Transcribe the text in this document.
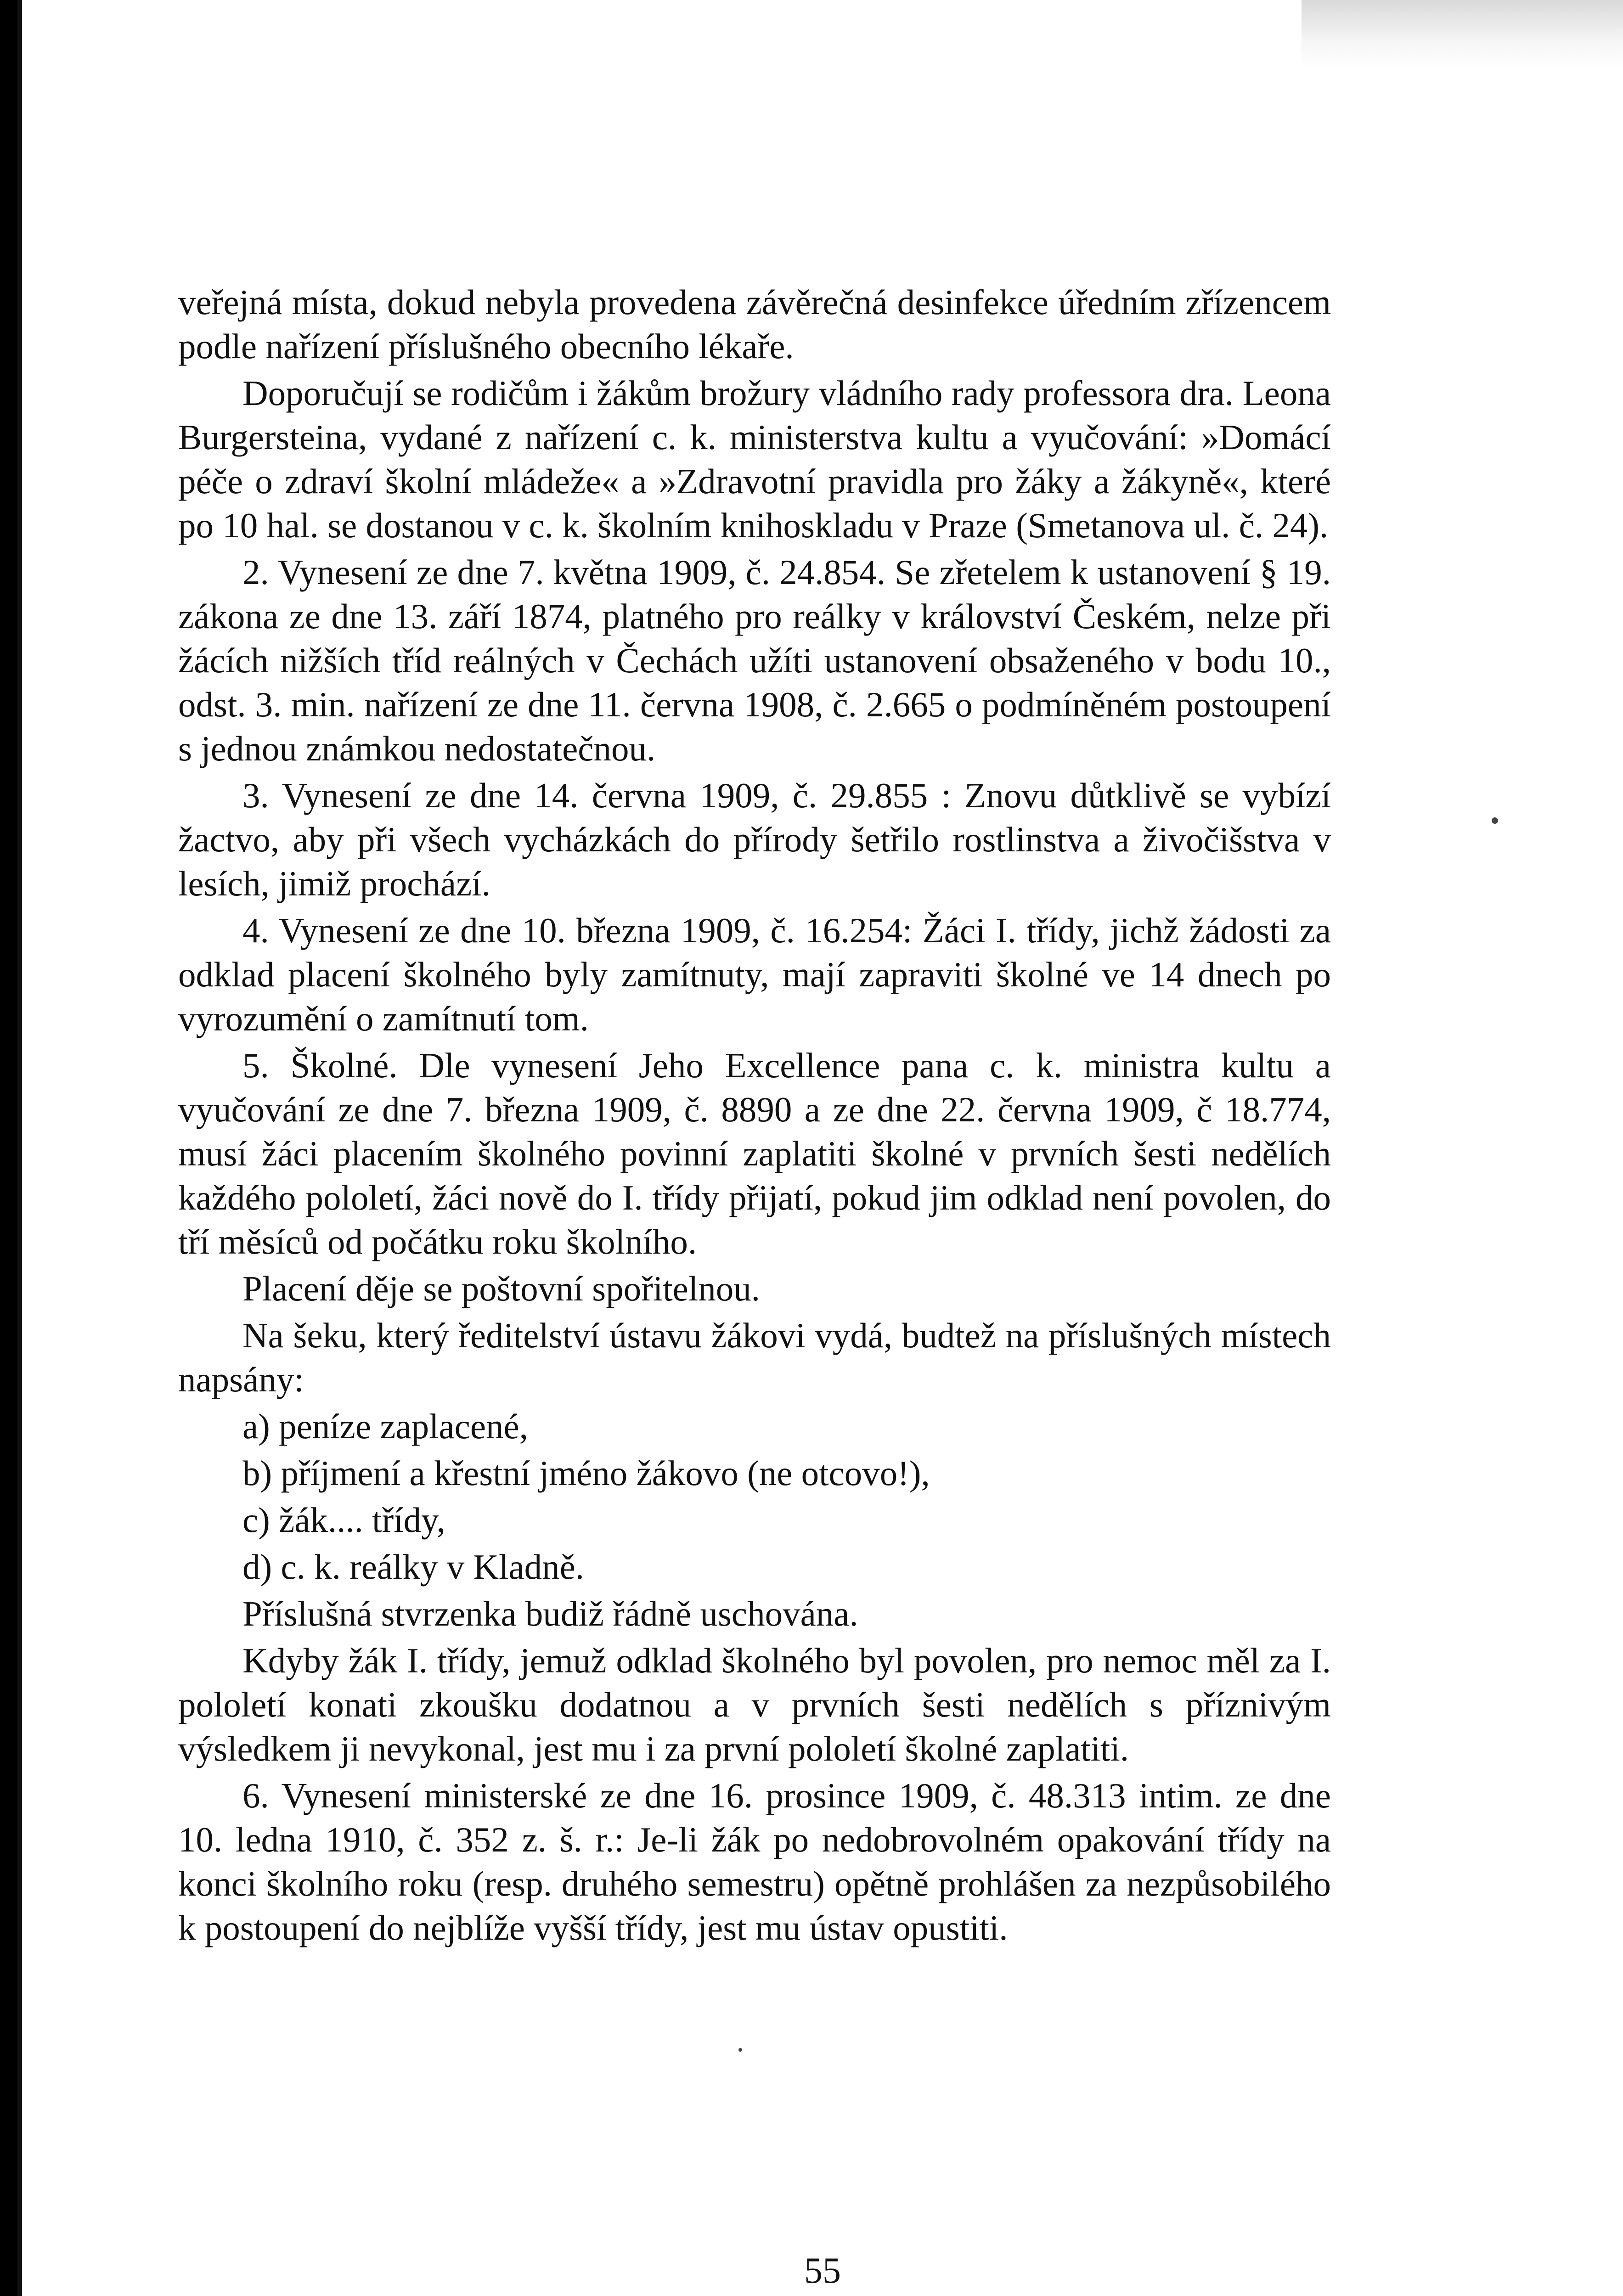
veřejná místa, dokud nebyla provedena závěrečná desinfekce úředním zřízencem podle nařízení příslušného obecního lékaře.

Doporučují se rodičům i žákům brožury vládního rady professora dra. Leona Burgersteina, vydané z nařízení c. k. ministerstva kultu a vyučování: »Domácí péče o zdraví školní mládeže« a »Zdravotní pravidla pro žáky a žákyně«, které po 10 hal. se dostanou v c. k. školním knihoskladu v Praze (Smetanova ul. č. 24).

2. Vynesení ze dne 7. května 1909, č. 24.854. Se zřetelem k ustanovení § 19. zákona ze dne 13. září 1874, platného pro reálky v království Českém, nelze při žácích nižších tříd reálných v Čechách užíti ustanovení obsaženého v bodu 10., odst. 3. min. nařízení ze dne 11. června 1908, č. 2.665 o podmíněném postoupení s jednou známkou nedostatečnou.

3. Vynesení ze dne 14. června 1909, č. 29.855 : Znovu důtklivě se vybízí žactvo, aby při všech vycházkách do přírody šetřilo rostlinstva a živočišstva v lesích, jimiž prochází.

4. Vynesení ze dne 10. března 1909, č. 16.254: Žáci I. třídy, jichž žádosti za odklad placení školného byly zamítnuty, mají zapraviti školné ve 14 dnech po vyrozumění o zamítnutí tom.

5. Školné. Dle vynesení Jeho Excellence pana c. k. ministra kultu a vyučování ze dne 7. března 1909, č. 8890 a ze dne 22. června 1909, č 18.774, musí žáci placením školného povinní zaplatiti školné v prvních šesti nedělích každého pololetí, žáci nově do I. třídy přijatí, pokud jim odklad není povolen, do tří měsíců od počátku roku školního.

Placení děje se poštovní spořitelnou.

Na šeku, který ředitelství ústavu žákovi vydá, budtež na příslušných místech napsány:

a) peníze zaplacené,
b) příjmení a křestní jméno žákovo (ne otcovo!),
c) žák.... třídy,
d) c. k. reálky v Kladně.

Příslušná stvrzenka budiž řádně uschována.

Kdyby žák I. třídy, jemuž odklad školného byl povolen, pro nemoc měl za I. pololetí konati zkoušku dodatnou a v prvních šesti nedělích s příznivým výsledkem ji nevykonal, jest mu i za první pololetí školné zaplatiti.

6. Vynesení ministerské ze dne 16. prosince 1909, č. 48.313 intim. ze dne 10. ledna 1910, č. 352 z. š. r.: Je-li žák po nedobrovolném opakování třídy na konci školního roku (resp. druhého semestru) opětně prohlášen za nezpůsobilého k postoupení do nejblíže vyšší třídy, jest mu ústav opustiti.

55
